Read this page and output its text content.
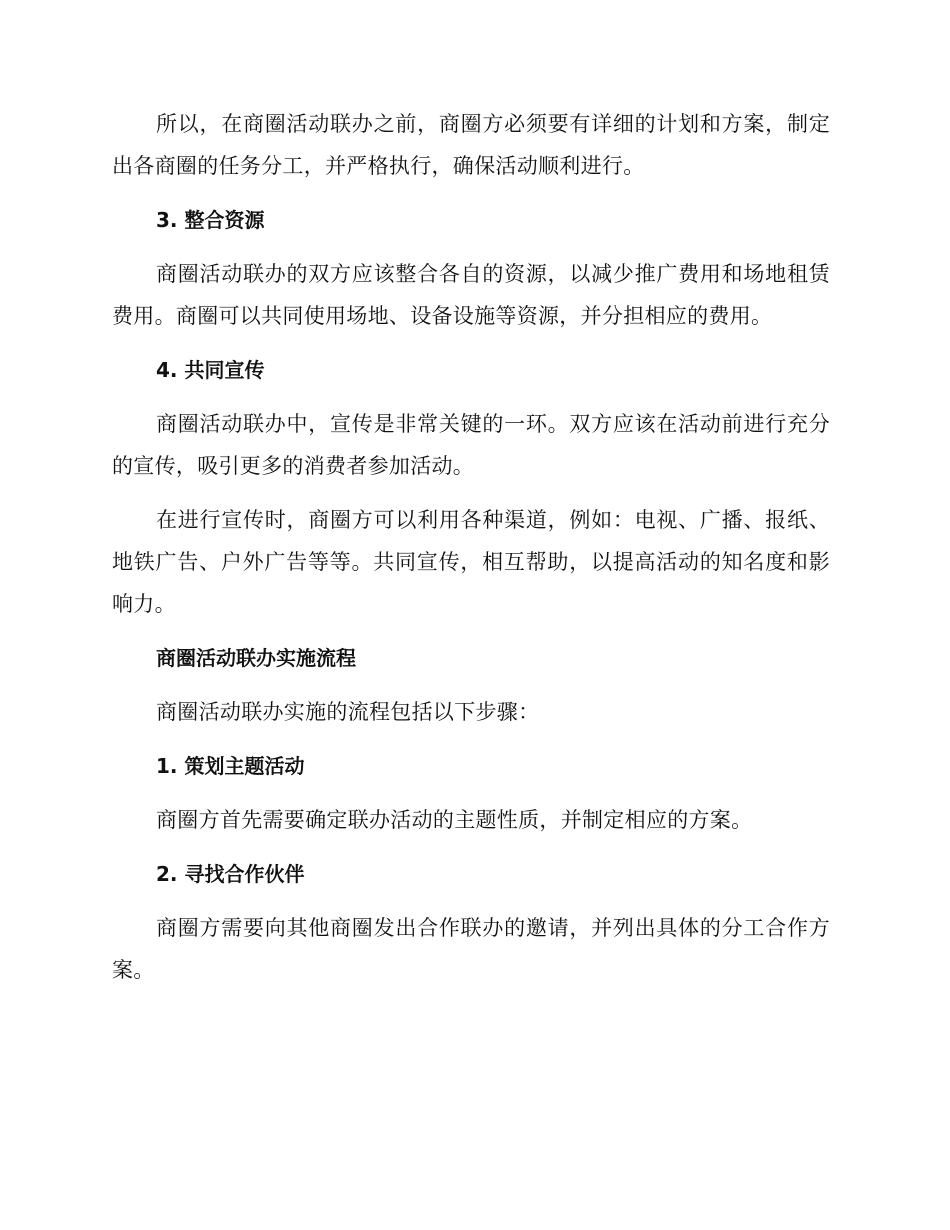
所以，在商圈活动联办之前，商圈方必须要有详细的计划和方案，制定出各商圈的任务分工，并严格执行，确保活动顺利进行。

3. 整合资源

商圈活动联办的双方应该整合各自的资源，以减少推广费用和场地租赁费用。商圈可以共同使用场地、设备设施等资源，并分担相应的费用。

4. 共同宣传

商圈活动联办中，宣传是非常关键的一环。双方应该在活动前进行充分的宣传，吸引更多的消费者参加活动。

在进行宣传时，商圈方可以利用各种渠道，例如：电视、广播、报纸、地铁广告、户外广告等等。共同宣传，相互帮助，以提高活动的知名度和影响力。

商圈活动联办实施流程

商圈活动联办实施的流程包括以下步骤：

1. 策划主题活动

商圈方首先需要确定联办活动的主题性质，并制定相应的方案。

2. 寻找合作伙伴

商圈方需要向其他商圈发出合作联办的邀请，并列出具体的分工合作方案。
